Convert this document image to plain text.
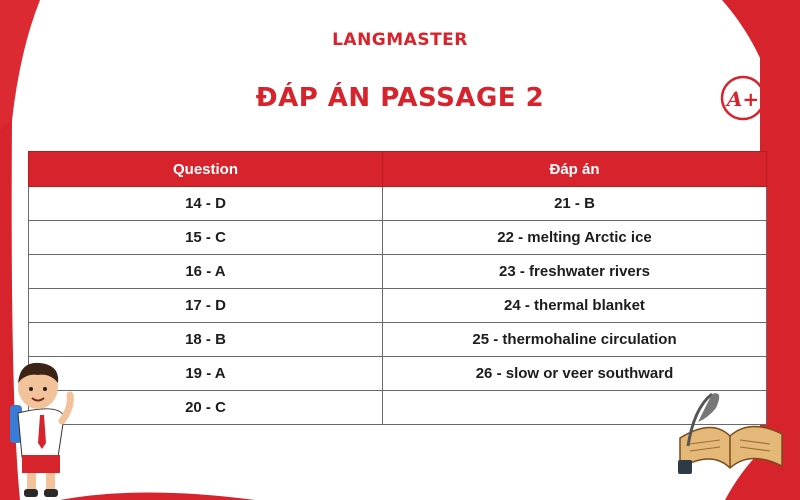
LANGMASTER
ĐÁP ÁN PASSAGE 2	A+
Question	Đáp án
14 - D	21 - B
15 - C	22 - melting Arctic ice
16 - A	23 - freshwater rivers
17 - D	24 - thermal blanket
18 - B	25 - thermohaline circulation
19 - A	26 - slow or veer southward
20 - C	
